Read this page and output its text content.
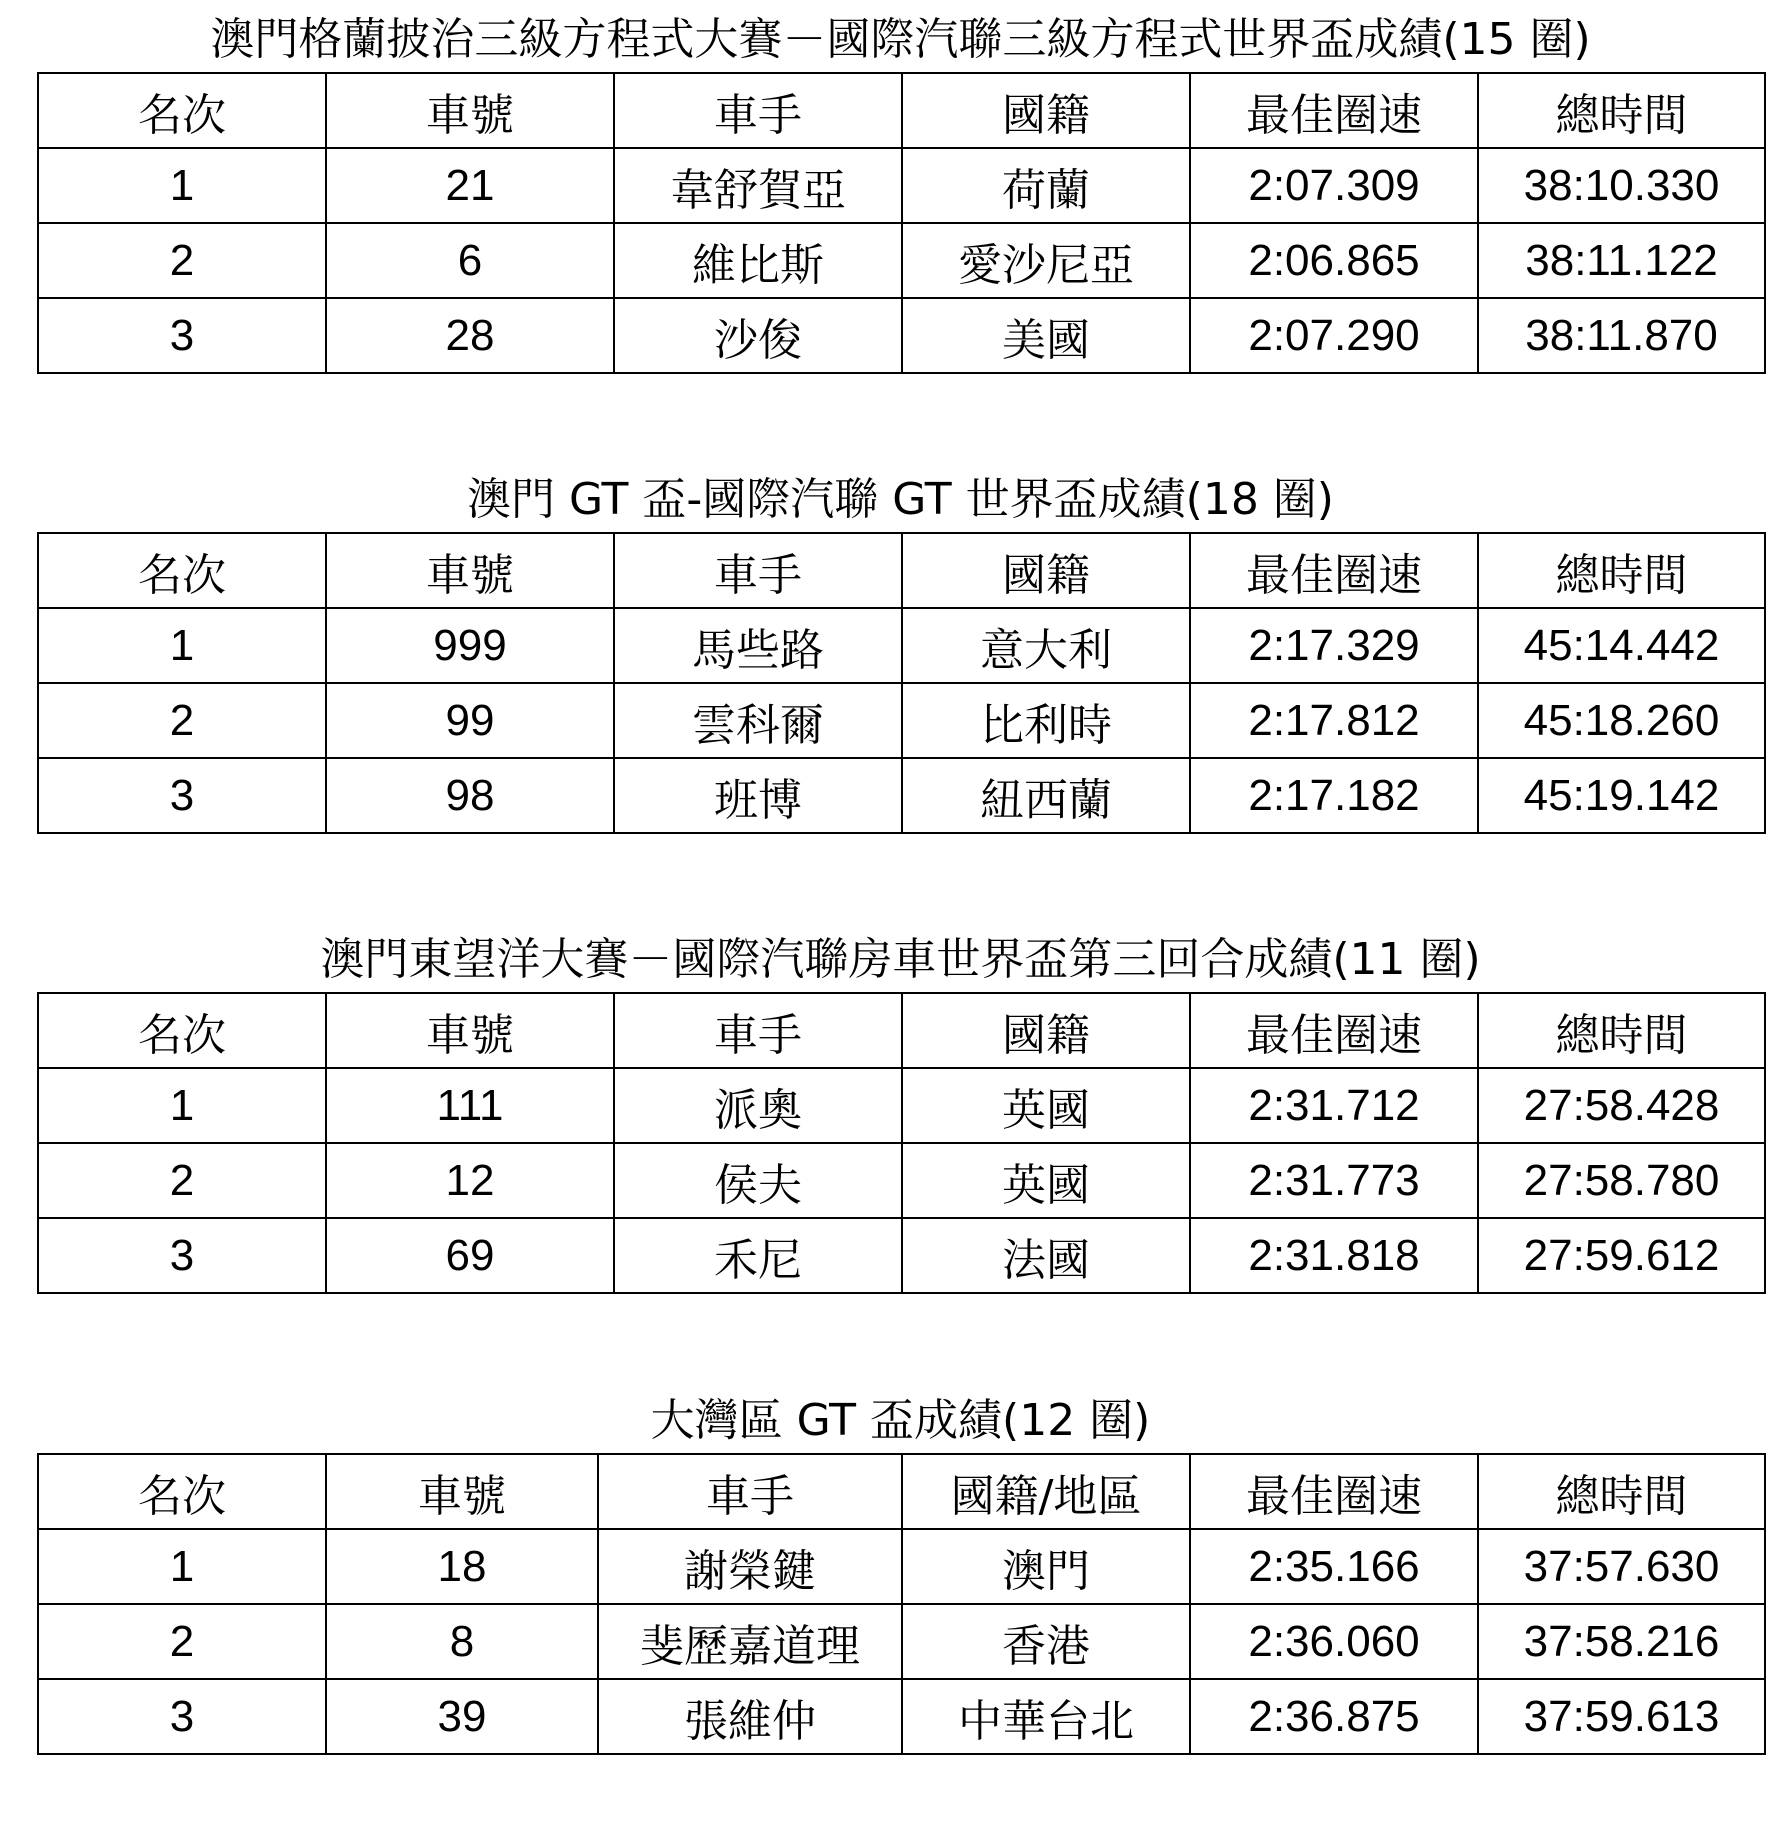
澳門格蘭披治三級方程式大賽－國際汽聯三級方程式世界盃成績(15 圈)
名次	車號	車手	國籍	最佳圈速	總時間
1	21	韋舒賀亞	荷蘭	2:07.309	38:10.330
2	6	維比斯	愛沙尼亞	2:06.865	38:11.122
3	28	沙俊	美國	2:07.290	38:11.870
澳門 GT 盃-國際汽聯 GT 世界盃成績(18 圈)
名次	車號	車手	國籍	最佳圈速	總時間
1	999	馬些路	意大利	2:17.329	45:14.442
2	99	雲科爾	比利時	2:17.812	45:18.260
3	98	班博	紐西蘭	2:17.182	45:19.142
澳門東望洋大賽－國際汽聯房車世界盃第三回合成績(11 圈)
名次	車號	車手	國籍	最佳圈速	總時間
1	111	派奧	英國	2:31.712	27:58.428
2	12	侯夫	英國	2:31.773	27:58.780
3	69	禾尼	法國	2:31.818	27:59.612
大灣區 GT 盃成績(12 圈)
名次	車號	車手	國籍/地區	最佳圈速	總時間
1	18	謝榮鍵	澳門	2:35.166	37:57.630
2	8	斐歷嘉道理	香港	2:36.060	37:58.216
3	39	張維仲	中華台北	2:36.875	37:59.613
